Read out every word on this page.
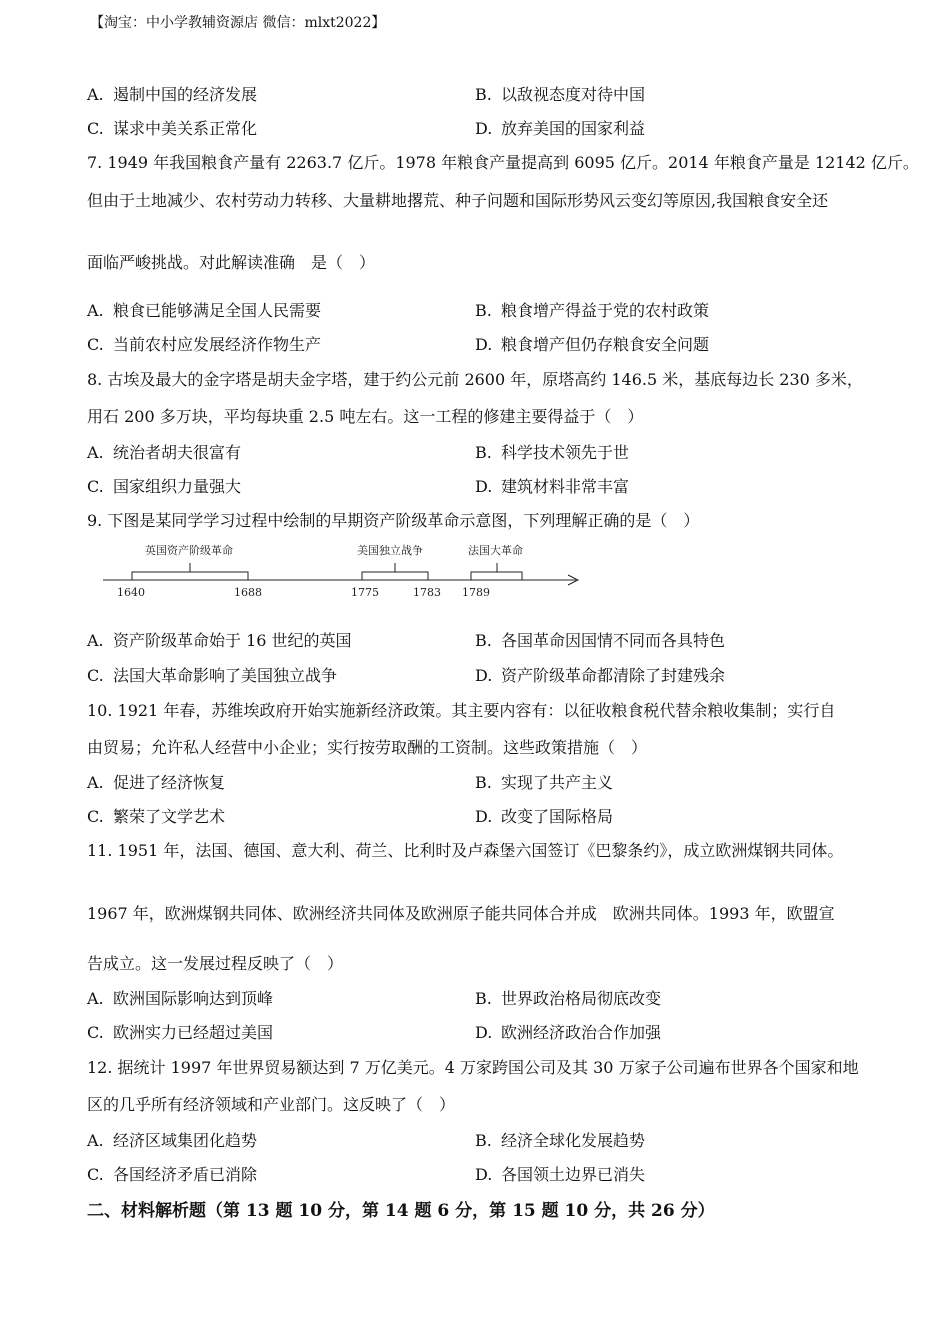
【淘宝：中小学教辅资源店 微信：mlxt2022】
A. 遏制中国的经济发展	B. 以敌视态度对待中国
C. 谋求中美关系正常化	D. 放弃美国的国家利益
7. 1949 年我国粮食产量有 2263.7 亿斤。1978 年粮食产量提高到 6095 亿斤。2014 年粮食产量是 12142 亿斤。
但由于土地减少、农村劳动力转移、大量耕地撂荒、种子问题和国际形势风云变幻等原因,我国粮食安全还
面临严峻挑战。对此解读准确　是（　）
A. 粮食已能够满足全国人民需要	B. 粮食增产得益于党的农村政策
C. 当前农村应发展经济作物生产	D. 粮食增产但仍存粮食安全问题
8. 古埃及最大的金字塔是胡夫金字塔，建于约公元前 2600 年，原塔高约 146.5 米，基底每边长 230 多米，
用石 200 多万块，平均每块重 2.5 吨左右。这一工程的修建主要得益于（　）
A. 统治者胡夫很富有	B. 科学技术领先于世
C. 国家组织力量强大	D. 建筑材料非常丰富
9. 下图是某同学学习过程中绘制的早期资产阶级革命示意图，下列理解正确的是（　）
英国资产阶级革命	美国独立战争	法国大革命
1640	1688	1775	1783 1789
A. 资产阶级革命始于 16 世纪的英国	B. 各国革命因国情不同而各具特色
C. 法国大革命影响了美国独立战争	D. 资产阶级革命都清除了封建残余
10. 1921 年春，苏维埃政府开始实施新经济政策。其主要内容有：以征收粮食税代替余粮收集制；实行自
由贸易；允许私人经营中小企业；实行按劳取酬的工资制。这些政策措施（　）
A. 促进了经济恢复	B. 实现了共产主义
C. 繁荣了文学艺术	D. 改变了国际格局
11. 1951 年，法国、德国、意大利、荷兰、比利时及卢森堡六国签订《巴黎条约》，成立欧洲煤钢共同体。
1967 年，欧洲煤钢共同体、欧洲经济共同体及欧洲原子能共同体合并成　欧洲共同体。1993 年，欧盟宣
告成立。这一发展过程反映了（　）
A. 欧洲国际影响达到顶峰	B. 世界政治格局彻底改变
C. 欧洲实力已经超过美国	D. 欧洲经济政治合作加强
12. 据统计 1997 年世界贸易额达到 7 万亿美元。4 万家跨国公司及其 30 万家子公司遍布世界各个国家和地
区的几乎所有经济领域和产业部门。这反映了（　）
A. 经济区域集团化趋势	B. 经济全球化发展趋势
C. 各国经济矛盾已消除	D. 各国领土边界已消失
二、材料解析题（第 13 题 10 分，第 14 题 6 分，第 15 题 10 分，共 26 分）
